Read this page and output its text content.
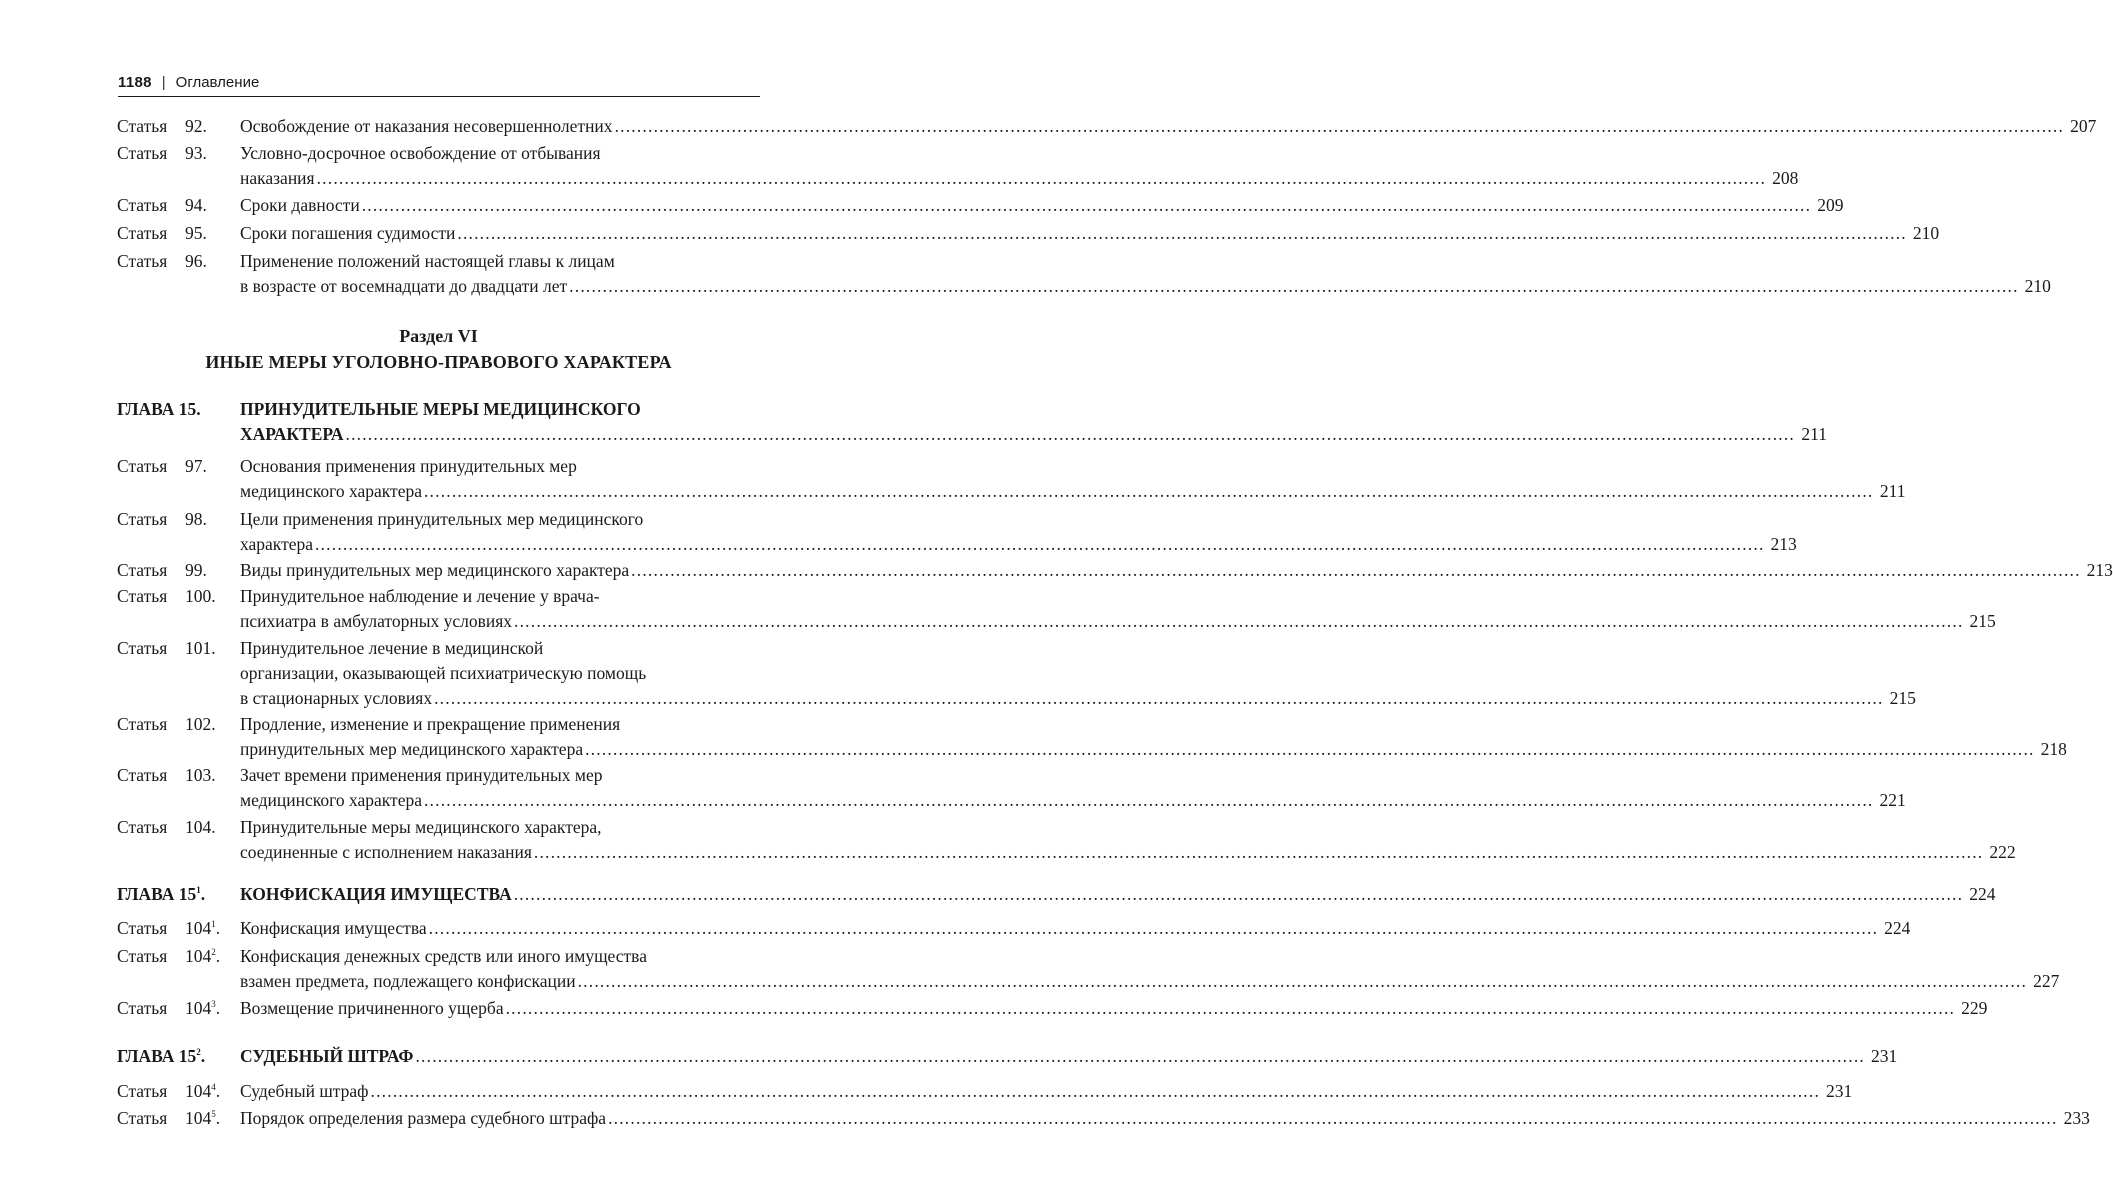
1188 | Оглавление
Статья 92. Освобождение от наказания несовершеннолетних .................................................................................................................................................................................................................................................................... 207
Статья 93. Условно-досрочное освобождение от отбывания
наказания .................................................................................................................................................................................................................................................................... 208
Статья 94. Сроки давности .................................................................................................................................................................................................................................................................... 209
Статья 95. Сроки погашения судимости .................................................................................................................................................................................................................................................................... 210
Статья 96. Применение положений настоящей главы к лицам
в возрасте от восемнадцати до двадцати лет .................................................................................................................................................................................................................................................................... 210
ГЛАВА 15. ПРИНУДИТЕЛЬНЫЕ МЕРЫ МЕДИЦИНСКОГО
ХАРАКТЕРА .................................................................................................................................................................................................................................................................... 211
Статья 97. Основания применения принудительных мер
медицинского характера .................................................................................................................................................................................................................................................................... 211
Статья 98. Цели применения принудительных мер медицинского
характера .................................................................................................................................................................................................................................................................... 213
Статья 99. Виды принудительных мер медицинского характера .................................................................................................................................................................................................................................................................... 213
Статья 100. Принудительное наблюдение и лечение у врача-
психиатра в амбулаторных условиях .................................................................................................................................................................................................................................................................... 215
Статья 101. Принудительное лечение в медицинской
организации, оказывающей психиатрическую помощь
в стационарных условиях .................................................................................................................................................................................................................................................................... 215
Статья 102. Продление, изменение и прекращение применения
принудительных мер медицинского характера .................................................................................................................................................................................................................................................................... 218
Статья 103. Зачет времени применения принудительных мер
медицинского характера .................................................................................................................................................................................................................................................................... 221
Статья 104. Принудительные меры медицинского характера,
соединенные с исполнением наказания .................................................................................................................................................................................................................................................................... 222
ГЛАВА $15^1$. КОНФИСКАЦИЯ ИМУЩЕСТВА .................................................................................................................................................................................................................................................................... 224
Статья $104^1$. Конфискация имущества .................................................................................................................................................................................................................................................................... 224
Статья $104^2$. Конфискация денежных средств или иного имущества
взамен предмета, подлежащего конфискации .................................................................................................................................................................................................................................................................... 227
Статья $104^3$. Возмещение причиненного ущерба .................................................................................................................................................................................................................................................................... 229
ГЛАВА $15^2$. СУДЕБНЫЙ ШТРАФ .................................................................................................................................................................................................................................................................... 231
Статья $104^4$. Судебный штраф .................................................................................................................................................................................................................................................................... 231
Статья $104^5$. Порядок определения размера судебного штрафа .................................................................................................................................................................................................................................................................... 233
Раздел VI
ИНЫЕ МЕРЫ УГОЛОВНО-ПРАВОВОГО ХАРАКТЕРА
